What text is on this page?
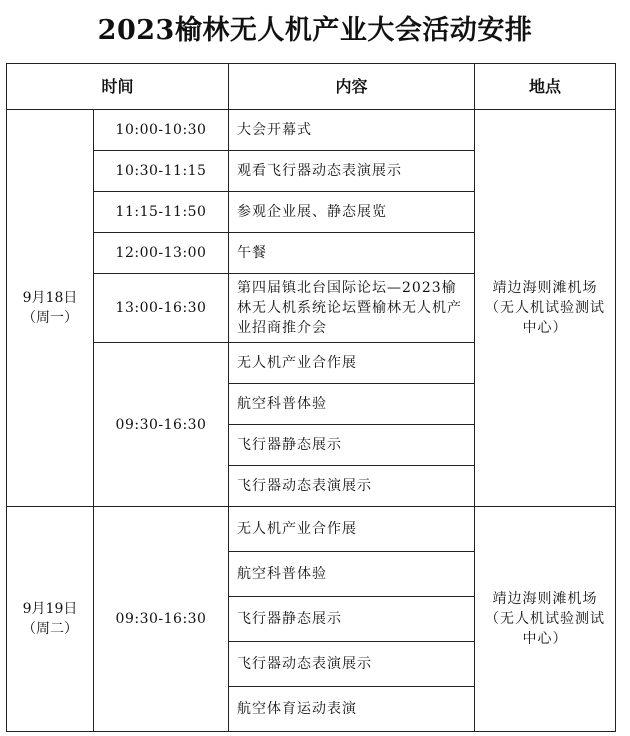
2023榆林无人机产业大会活动安排
时间		内容	地点

9月18日
（周一）	10:00-10:30	大会开幕式	靖边海则滩机场（无人机试验测试中心）
	10:30-11:15	观看飞行器动态表演展示	
	11:15-11:50	参观企业展、静态展览	
	12:00-13:00	午餐	
	13:00-16:30	第四届镇北台国际论坛—2023榆林无人机系统论坛暨榆林无人机产业招商推介会	
	09:30-16:30	无人机产业合作展	
		航空科普体验	
		飞行器静态展示	
		飞行器动态表演展示	

9月19日
（周二）	09:30-16:30	无人机产业合作展	靖边海则滩机场（无人机试验测试中心）
		航空科普体验	
		飞行器静态展示	
		飞行器动态表演展示	
		航空体育运动表演	
